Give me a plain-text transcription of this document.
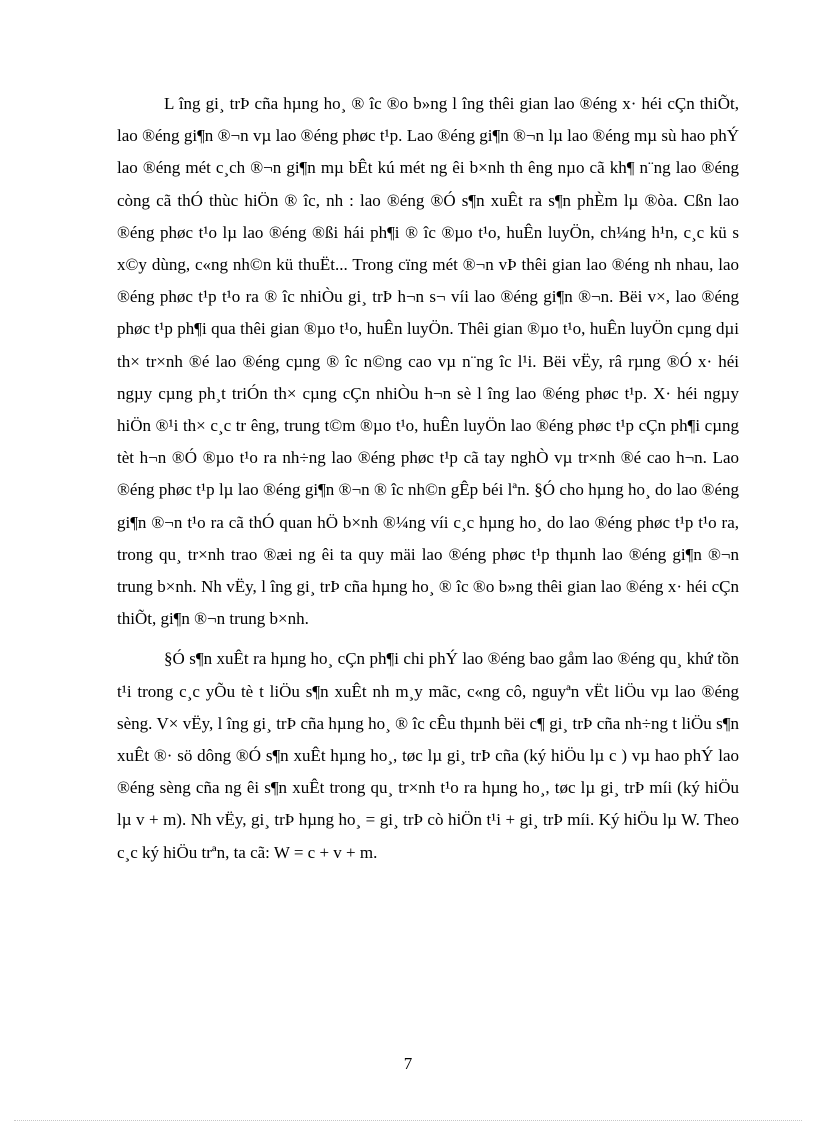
L îng gi¸ trÞ cña hµng ho¸ ® îc ®o b»ng l îng thêi gian lao ®éng x· héi cÇn thiÕt, lao ®éng gi¶n ®¬n vµ lao ®éng phøc t¹p. Lao ®éng gi¶n ®¬n lµ lao ®éng mµ sù hao phÝ lao ®éng mét c¸ch ®¬n gi¶n mµ bÊt kú mét ng êi b×nh th êng nµo cã kh¶ n¨ng lao ®éng còng cã thÓ thùc hiÖn ® îc, nh : lao ®éng ®Ó s¶n xuÊt ra s¶n phÈm lµ ®òa. Cßn lao ®éng phøc t¹o lµ lao ®éng ®ßi hái ph¶i ® îc ®µo t¹o, huÊn luyÖn, ch¼ng h¹n, c¸c kü s x©y dùng, c«ng nh©n kü thuËt... Trong cïng mét ®¬n vÞ thêi gian lao ®éng nh nhau, lao ®éng phøc t¹p t¹o ra ® îc nhiÒu gi¸ trÞ h¬n s¬ víi lao ®éng gi¶n ®¬n. Bëi v×, lao ®éng phøc t¹p ph¶i qua thêi gian ®µo t¹o, huÊn luyÖn. Thêi gian ®µo t¹o, huÊn luyÖn cµng dµi th× tr×nh ®é lao ®éng cµng ® îc n©ng cao vµ n¨ng îc l¹i. Bëi vËy, râ rµng ®Ó x· héi ngµy cµng ph¸t triÓn th× cµng cÇn nhiÒu h¬n sè l îng lao ®éng phøc t¹p. X· héi ngµy hiÖn ®¹i th× c¸c tr êng, trung t©m ®µo t¹o, huÊn luyÖn lao ®éng phøc t¹p cÇn ph¶i cµng tèt h¬n ®Ó ®µo t¹o ra nh÷ng lao ®éng phøc t¹p cã tay nghÒ vµ tr×nh ®é cao h¬n. Lao ®éng phøc t¹p lµ lao ®éng gi¶n ®¬n ® îc nh©n gÊp béi lªn. §Ó cho hµng ho¸ do lao ®éng gi¶n ®¬n t¹o ra cã thÓ quan hÖ b×nh ®¼ng víi c¸c hµng ho¸ do lao ®éng phøc t¹p t¹o ra, trong qu¸ tr×nh trao ®æi ng êi ta quy mäi lao ®éng phøc t¹p thµnh lao ®éng gi¶n ®¬n trung b×nh. Nh vËy, l îng gi¸ trÞ cña hµng ho¸ ® îc ®o b»ng thêi gian lao ®éng x· héi cÇn thiÕt, gi¶n ®¬n trung b×nh.

§Ó s¶n xuÊt ra hµng ho¸ cÇn ph¶i chi phÝ lao ®éng bao gåm lao ®éng qu¸ khứ tồn t¹i trong c¸c yÕu tè t liÖu s¶n xuÊt nh m¸y mãc, c«ng cô, nguyªn vËt liÖu vµ lao ®éng sèng. V× vËy, l îng gi¸ trÞ cña hµng ho¸ ® îc cÊu thµnh bëi c¶ gi¸ trÞ cña nh÷ng t liÖu s¶n xuÊt ®· sö dông ®Ó s¶n xuÊt hµng ho¸, tøc lµ gi¸ trÞ cña (ký hiÖu lµ c ) vµ hao phÝ lao ®éng sèng cña ng êi s¶n xuÊt trong qu¸ tr×nh t¹o ra hµng ho¸, tøc lµ gi¸ trÞ míi (ký hiÖu lµ v + m). Nh vËy, gi¸ trÞ hµng ho¸ = gi¸ trÞ cò hiÖn t¹i + gi¸ trÞ míi. Ký hiÖu lµ W. Theo c¸c ký hiÖu trªn, ta cã: W = c + v + m.

7
